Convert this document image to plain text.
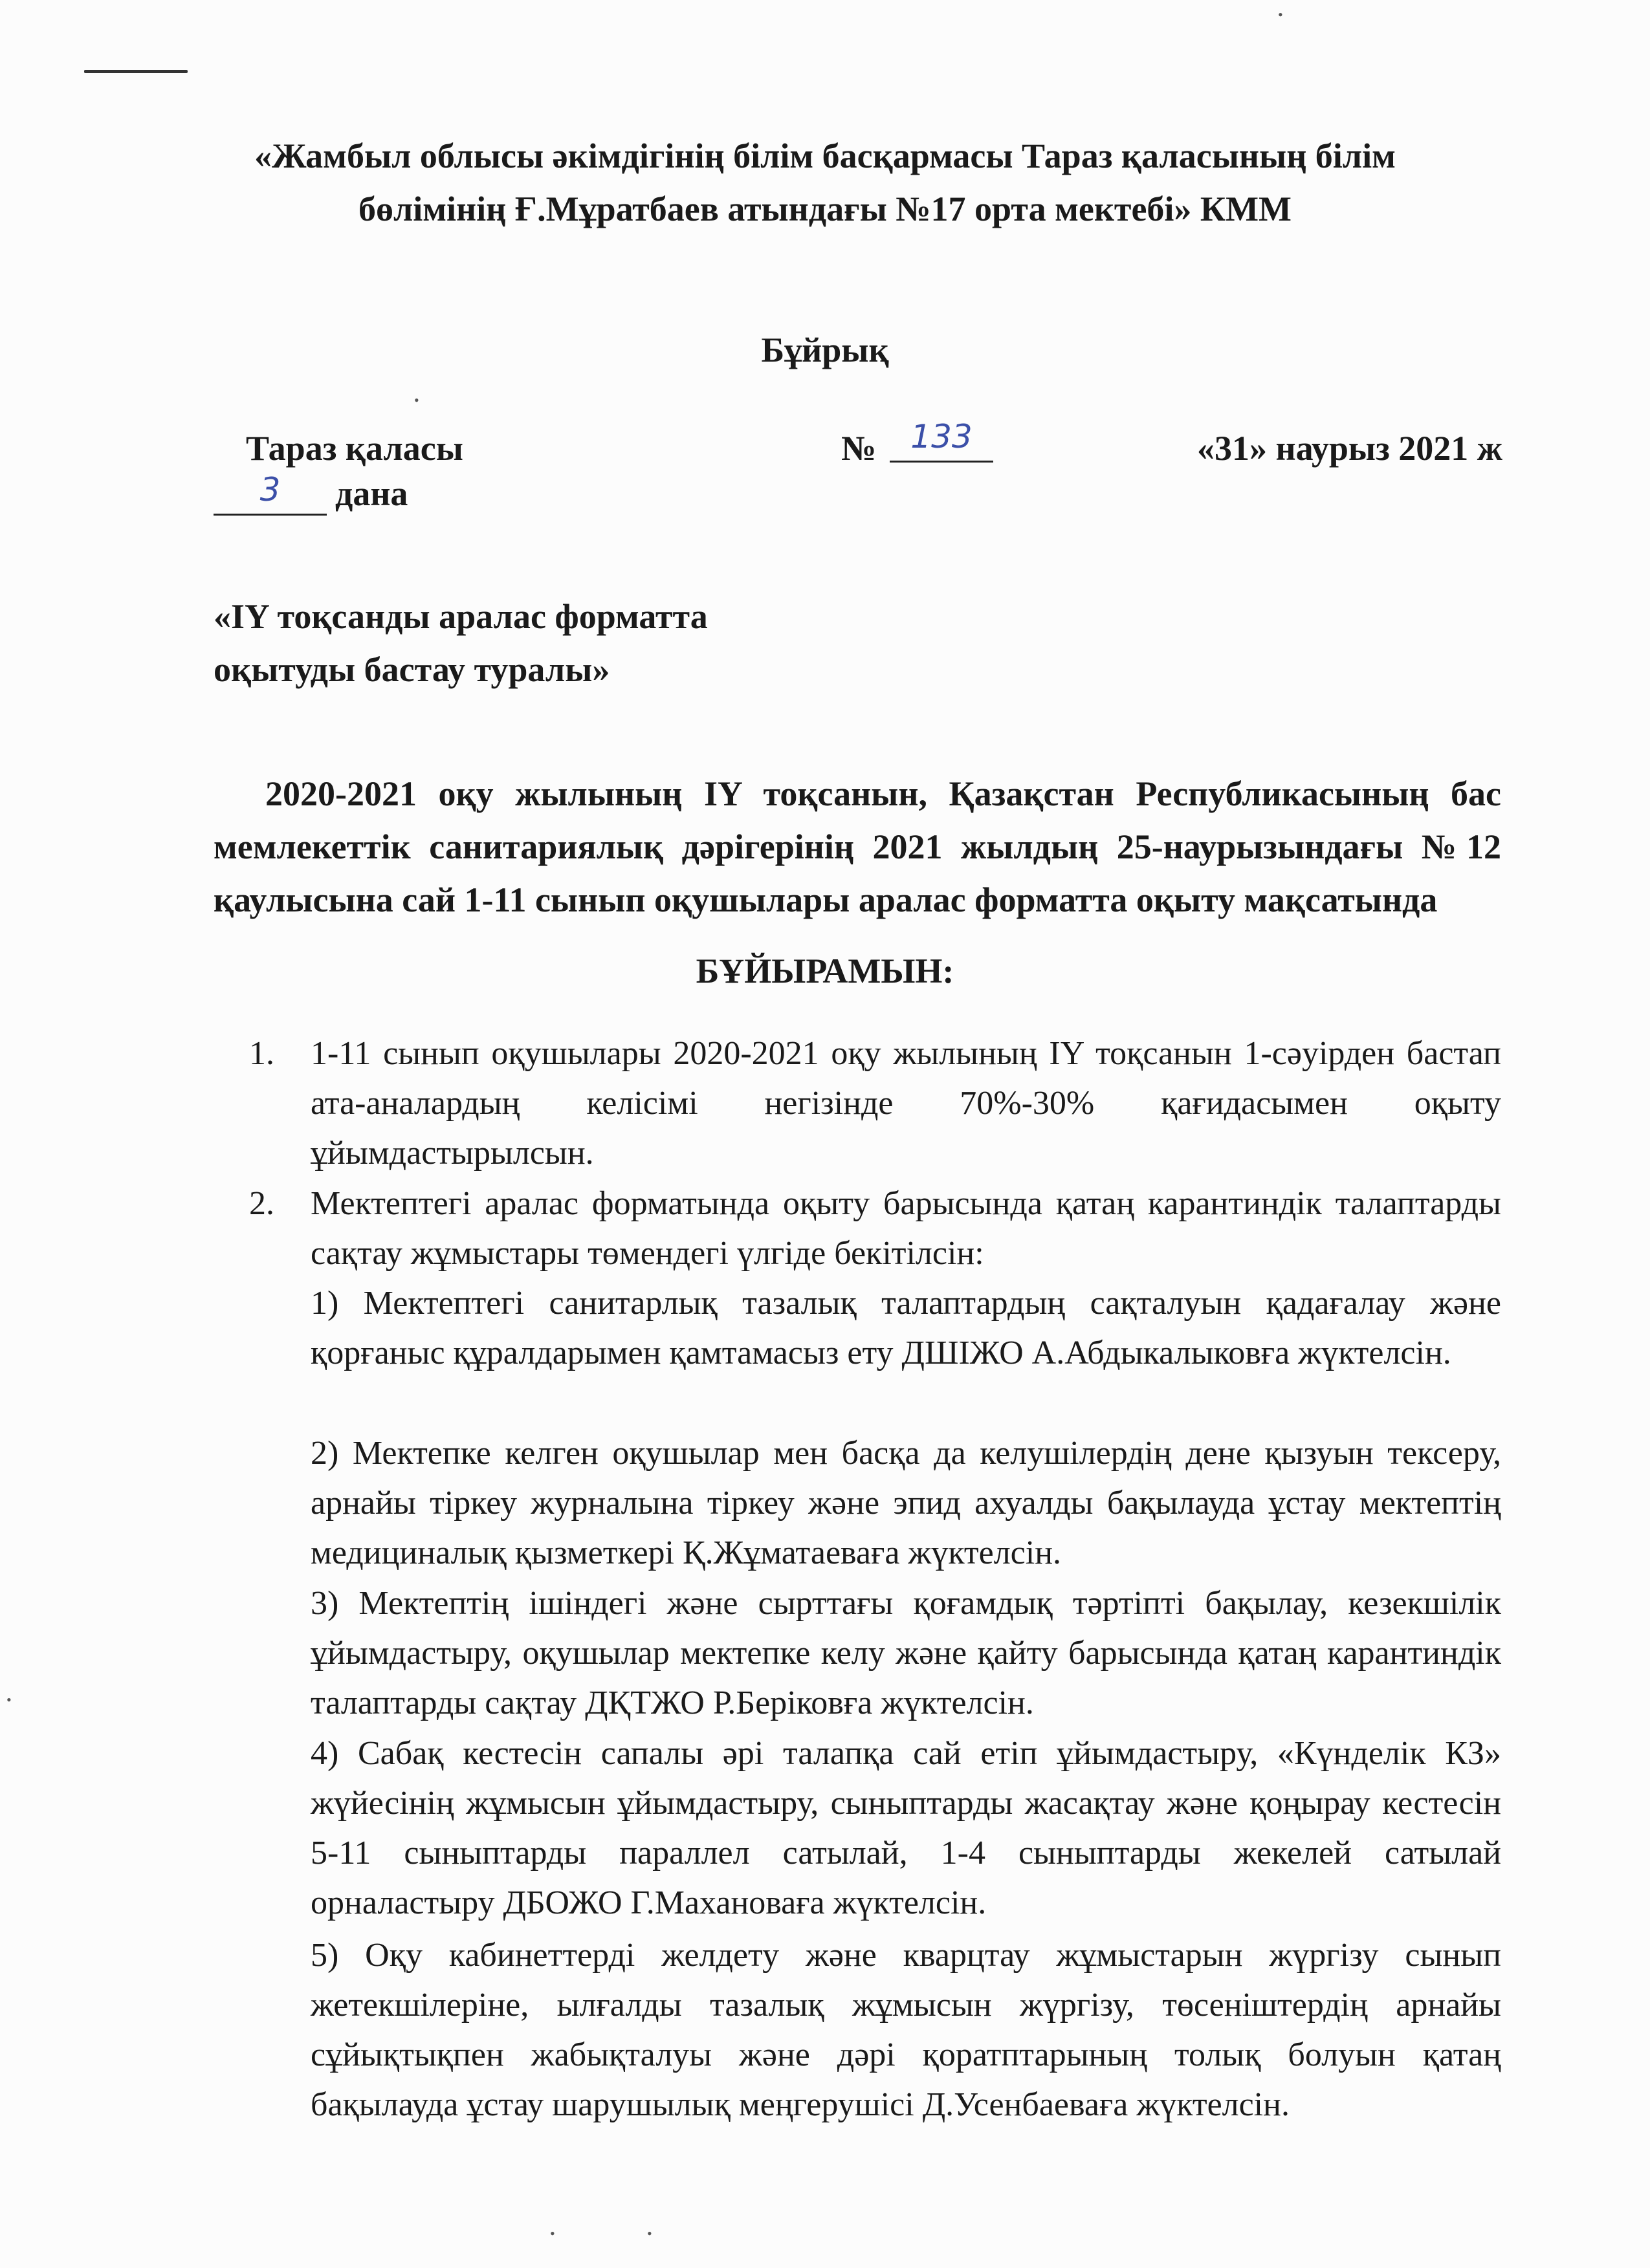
«Жамбыл облысы әкімдігінің білім басқармасы Тараз қаласының білім
бөлімінің Ғ.Мұратбаев атындағы №17 орта мектебі» КММ
Бұйрық
Тараз қаласы	№	133	«31» наурыз 2021 ж
3	дана
«IY тоқсанды аралас форматта
оқытуды бастау туралы»
2020-2021 оқу жылының IY тоқсанын, Қазақстан Республикасының бас мемлекеттік санитариялық дәрігерінің 2021 жылдың 25-наурызындағы №12 қаулысына сай 1-11 сынып оқушылары аралас форматта оқыту мақсатында
БҰЙЫРАМЫН:
1. 1-11 сынып оқушылары 2020-2021 оқу жылының IY тоқсанын 1-сәуірден бастап ата-аналардың келісімі негізінде 70%-30% қағидасымен оқыту ұйымдастырылсын.
2. Мектептегі аралас форматында оқыту барысында қатаң карантиндік талаптарды сақтау жұмыстары төмендегі үлгіде бекітілсін:
1) Мектептегі санитарлық тазалық талаптардың сақталуын қадағалау және қорғаныс құралдарымен қамтамасыз ету ДШІЖО А.Абдыкалыковға жүктелсін.
2) Мектепке келген оқушылар мен басқа да келушілердің дене қызуын тексеру, арнайы тіркеу журналына тіркеу және эпид ахуалды бақылауда ұстау мектептің медициналық қызметкері Қ.Жұматаеваға жүктелсін.
3) Мектептің ішіндегі және сырттағы қоғамдық тәртіпті бақылау, кезекшілік ұйымдастыру, оқушылар мектепке келу және қайту барысында қатаң карантиндік талаптарды сақтау ДҚТЖО Р.Беріковға жүктелсін.
4) Сабақ кестесін сапалы әрі талапқа сай етіп ұйымдастыру, «Күнделік КЗ» жүйесінің жұмысын ұйымдастыру, сыныптарды жасақтау және қоңырау кестесін 5-11 сыныптарды параллел сатылай, 1-4 сыныптарды жекелей сатылай орналастыру ДБОЖО Г.Махановаға жүктелсін.
5) Оқу кабинеттерді желдету және кварцтау жұмыстарын жүргізу сынып жетекшілеріне, ылғалды тазалық жұмысын жүргізу, төсеніштердің арнайы сұйықтықпен жабықталуы және дәрі қоратптарының толық болуын қатаң бақылауда ұстау шарушылық меңгерушісі Д.Усенбаеваға жүктелсін.
•
•
•
•	•
